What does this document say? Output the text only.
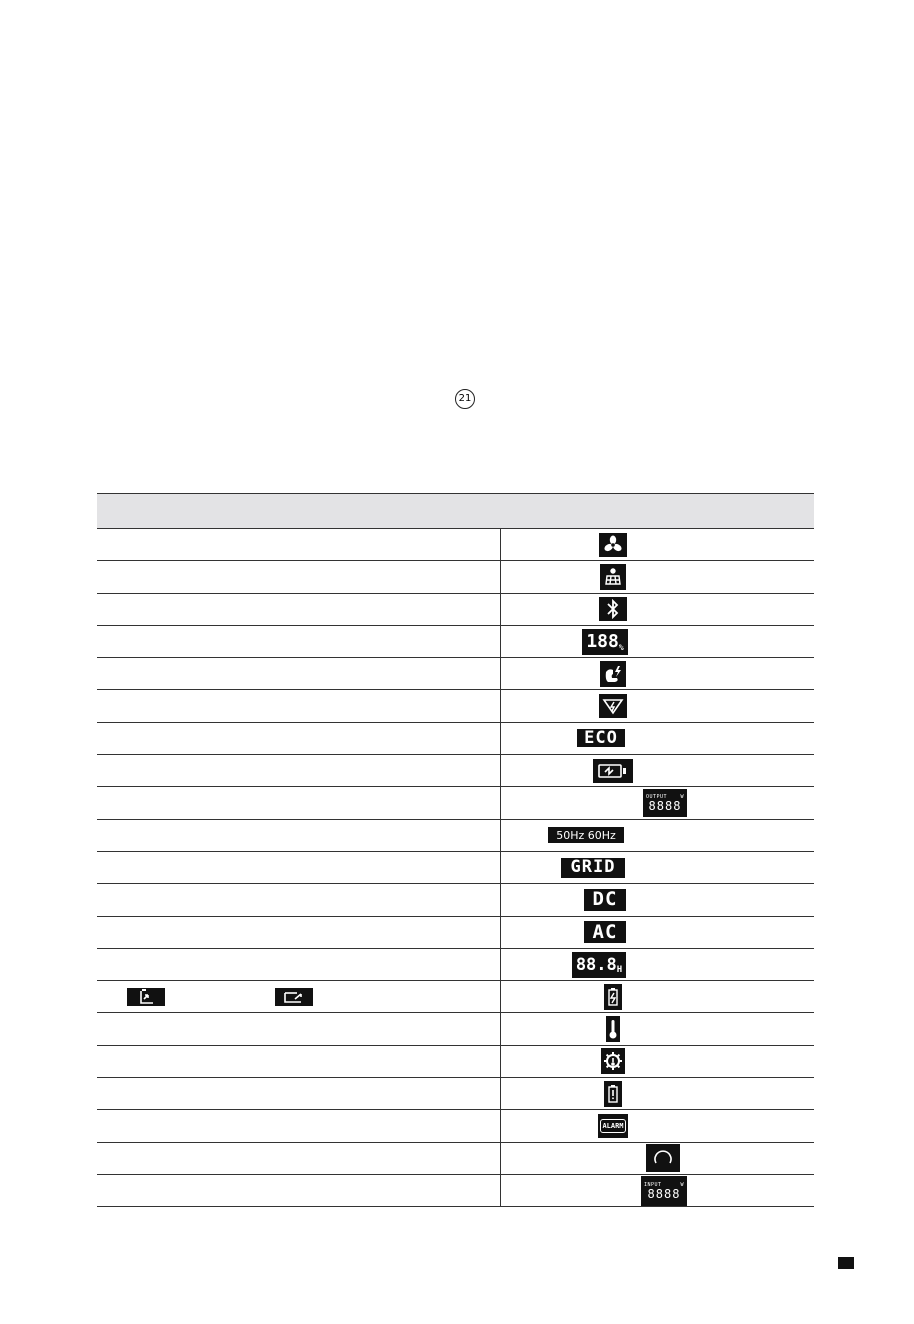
21
188 %
ECO
OUTPUT	W
8888
50Hz 60Hz
GRID
DC
AC
88.8 H
ALARM
INPUT	W
8888
